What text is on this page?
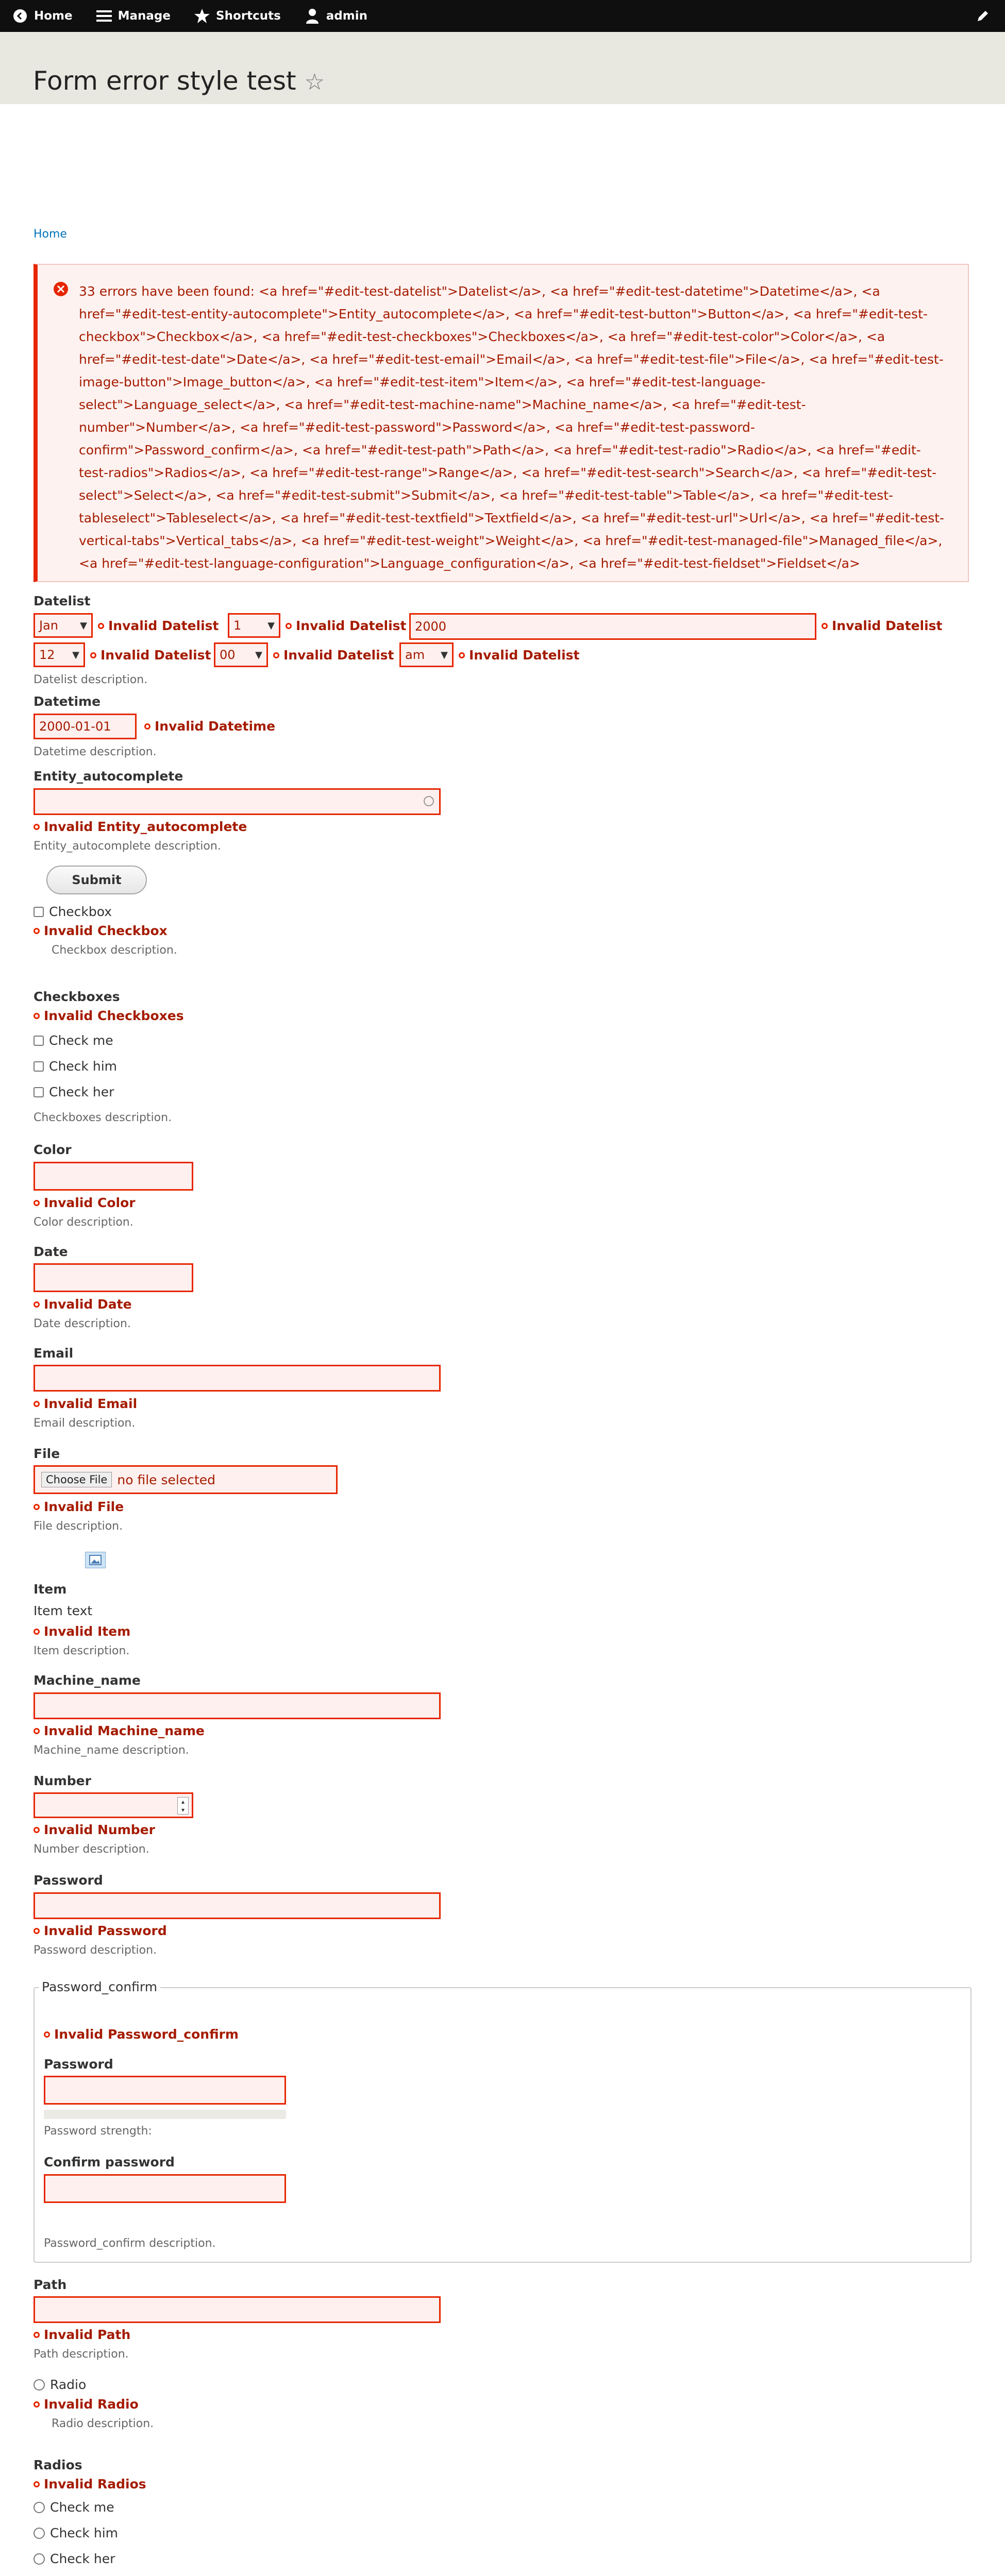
Home	Manage	Shortcuts	admin
Form error style test ☆
Home
33 errors have been found: <a href="#edit-test-datelist">Datelist</a>, <a href="#edit-test-datetime">Datetime</a>, <a href="#edit-test-entity-autocomplete">Entity_autocomplete</a>, <a href="#edit-test-button">Button</a>, <a href="#edit-test-checkbox">Checkbox</a>, <a href="#edit-test-checkboxes">Checkboxes</a>, <a href="#edit-test-color">Color</a>, <a href="#edit-test-date">Date</a>, <a href="#edit-test-email">Email</a>, <a href="#edit-test-file">File</a>, <a href="#edit-test-image-button">Image_button</a>, <a href="#edit-test-item">Item</a>, <a href="#edit-test-language-select">Language_select</a>, <a href="#edit-test-machine-name">Machine_name</a>, <a href="#edit-test-number">Number</a>, <a href="#edit-test-password">Password</a>, <a href="#edit-test-password-confirm">Password_confirm</a>, <a href="#edit-test-path">Path</a>, <a href="#edit-test-radio">Radio</a>, <a href="#edit-test-radios">Radios</a>, <a href="#edit-test-range">Range</a>, <a href="#edit-test-search">Search</a>, <a href="#edit-test-select">Select</a>, <a href="#edit-test-submit">Submit</a>, <a href="#edit-test-table">Table</a>, <a href="#edit-test-tableselect">Tableselect</a>, <a href="#edit-test-textfield">Textfield</a>, <a href="#edit-test-url">Url</a>, <a href="#edit-test-vertical-tabs">Vertical_tabs</a>, <a href="#edit-test-weight">Weight</a>, <a href="#edit-test-managed-file">Managed_file</a>, <a href="#edit-test-language-configuration">Language_configuration</a>, <a href="#edit-test-fieldset">Fieldset</a>
Datelist
Jan ▼ Invalid Datelist 1	▼ Invalid Datelist 2000	Invalid Datelist
12 ▼ Invalid Datelist 00 ▼ Invalid Datelist am ▼ Invalid Datelist
Datelist description.
Datetime
2000-01-01	Invalid Datetime
Datetime description.
Entity_autocomplete
Invalid Entity_autocomplete
Entity_autocomplete description.
Submit
Checkbox
Invalid Checkbox
Checkbox description.
Checkboxes
Invalid Checkboxes
Check me
Check him
Check her
Checkboxes description.
Color
Invalid Color
Color description.
Date
Invalid Date
Date description.
Email
Invalid Email
Email description.
File
Choose File no file selected
Invalid File
File description.
Item
Item text
Invalid Item
Item description.
Machine_name
Invalid Machine_name
Machine_name description.
Number
▴
▾
Invalid Number
Number description.
Password
Invalid Password
Password description.
Password_confirm
Invalid Password_confirm
Password
Password strength:
Confirm password
Password_confirm description.
Path
Invalid Path
Path description.
Radio
Invalid Radio
Radio description.
Radios
Invalid Radios
Check me
Check him
Check her
